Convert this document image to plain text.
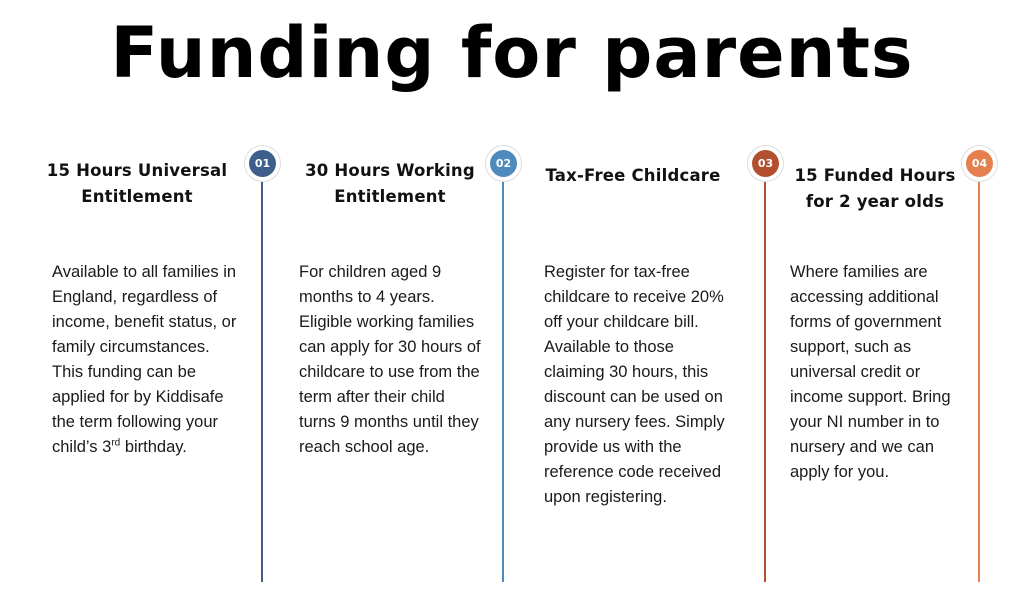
Funding for parents
01
15 Hours Universal Entitlement

Available to all families in England, regardless of income, benefit status, or family circumstances. This funding can be applied for by Kiddisafe the term following your child’s 3rd birthday.

02
30 Hours Working Entitlement

For children aged 9 months to 4 years. Eligible working families can apply for 30 hours of childcare to use from the term after their child turns 9 months until they reach school age.

03
Tax-Free Childcare

Register for tax-free childcare to receive 20% off your childcare bill. Available to those claiming 30 hours, this discount can be used on any nursery fees. Simply provide us with the reference code received upon registering.

04
15 Funded Hours for 2 year olds

Where families are accessing additional forms of government support, such as universal credit or income support. Bring your NI number in to nursery and we can apply for you.
